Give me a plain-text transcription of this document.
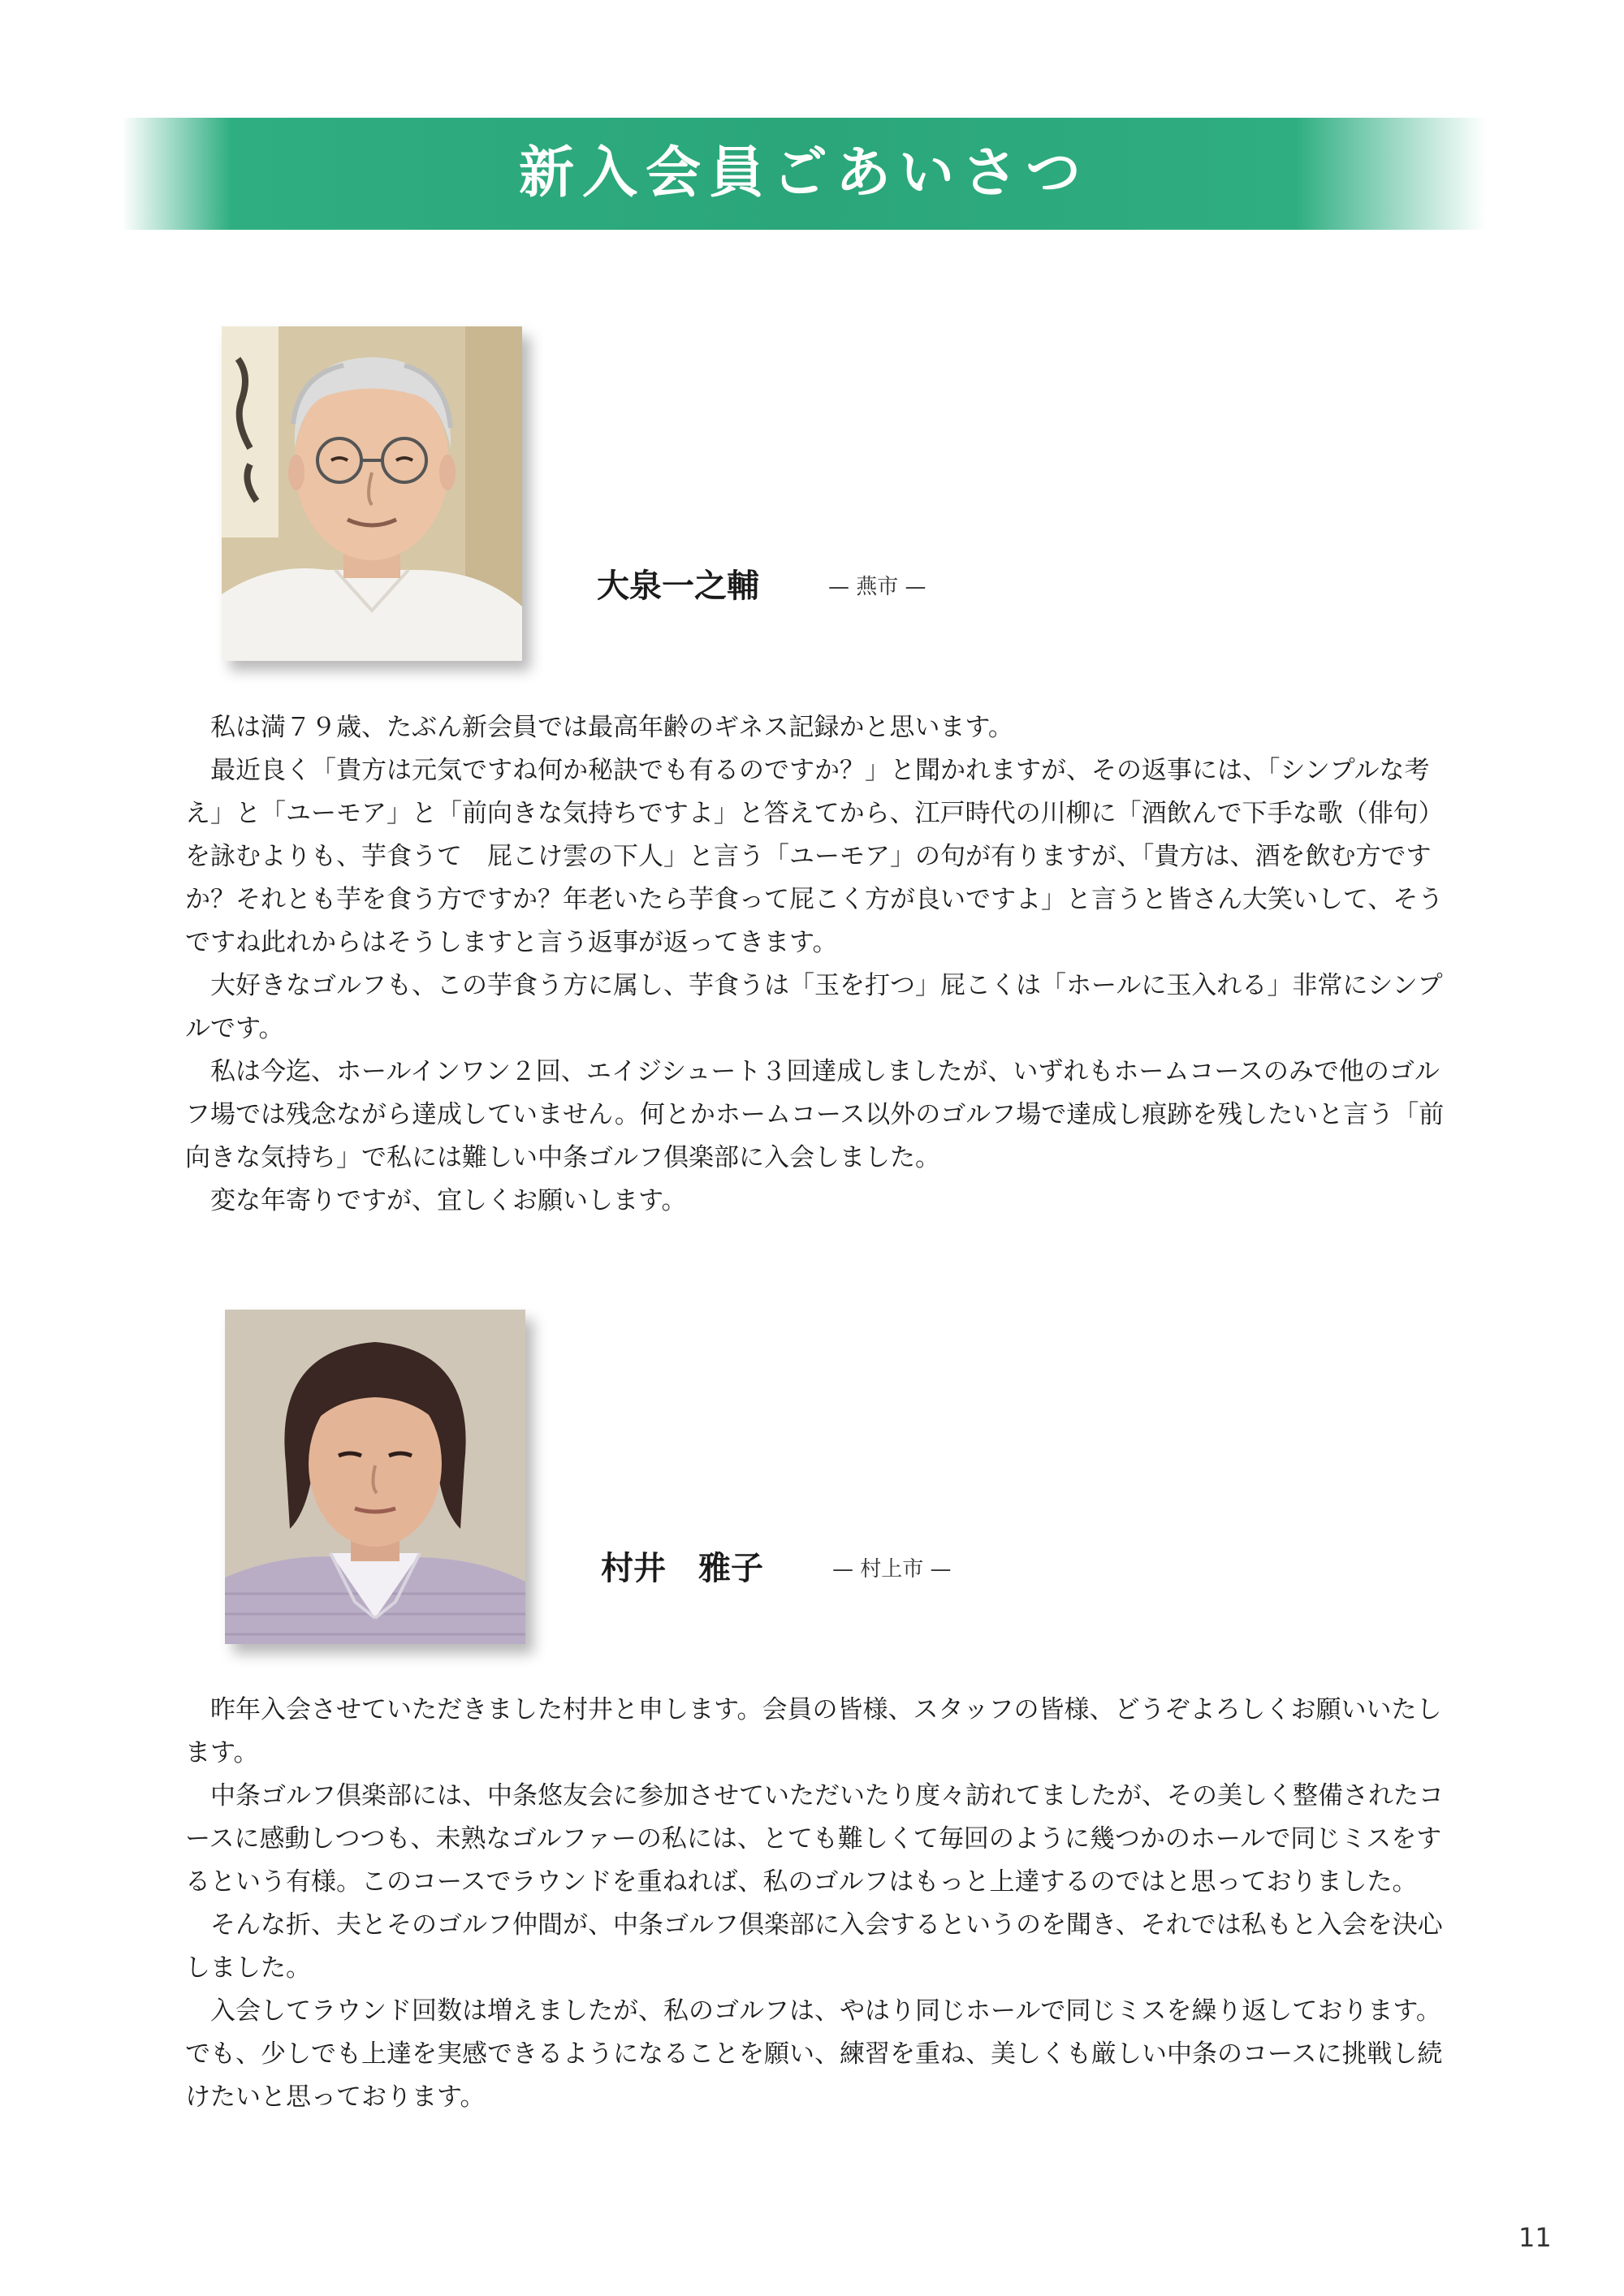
新入会員ごあいさつ
大泉一之輔	— 燕市 —

　私は満７９歳、たぶん新会員では最高年齢のギネス記録かと思います。

　最近良く「貴方は元気ですね何か秘訣でも有るのですか？」と聞かれますが、その返事には、「シンプルな考え」と「ユーモア」と「前向きな気持ちですよ」と答えてから、江戸時代の川柳に「酒飲んで下手な歌（俳句）を詠むよりも、芋食うて　屁こけ雲の下人」と言う「ユーモア」の句が有りますが、「貴方は、酒を飲む方ですか？それとも芋を食う方ですか？年老いたら芋食って屁こく方が良いですよ」と言うと皆さん大笑いして、そうですね此れからはそうしますと言う返事が返ってきます。

　大好きなゴルフも、この芋食う方に属し、芋食うは「玉を打つ」屁こくは「ホールに玉入れる」非常にシンプルです。

　私は今迄、ホールインワン２回、エイジシュート３回達成しましたが、いずれもホームコースのみで他のゴルフ場では残念ながら達成していません。何とかホームコース以外のゴルフ場で達成し痕跡を残したいと言う「前向きな気持ち」で私には難しい中条ゴルフ倶楽部に入会しました。

　変な年寄りですが、宜しくお願いします。

村井　雅子	— 村上市 —

　昨年入会させていただきました村井と申します。会員の皆様、スタッフの皆様、どうぞよろしくお願いいたします。

　中条ゴルフ倶楽部には、中条悠友会に参加させていただいたり度々訪れてましたが、その美しく整備されたコースに感動しつつも、未熟なゴルファーの私には、とても難しくて毎回のように幾つかのホールで同じミスをするという有様。このコースでラウンドを重ねれば、私のゴルフはもっと上達するのではと思っておりました。

　そんな折、夫とそのゴルフ仲間が、中条ゴルフ倶楽部に入会するというのを聞き、それでは私もと入会を決心しました。

　入会してラウンド回数は増えましたが、私のゴルフは、やはり同じホールで同じミスを繰り返しております。でも、少しでも上達を実感できるようになることを願い、練習を重ね、美しくも厳しい中条のコースに挑戦し続けたいと思っております。

11
